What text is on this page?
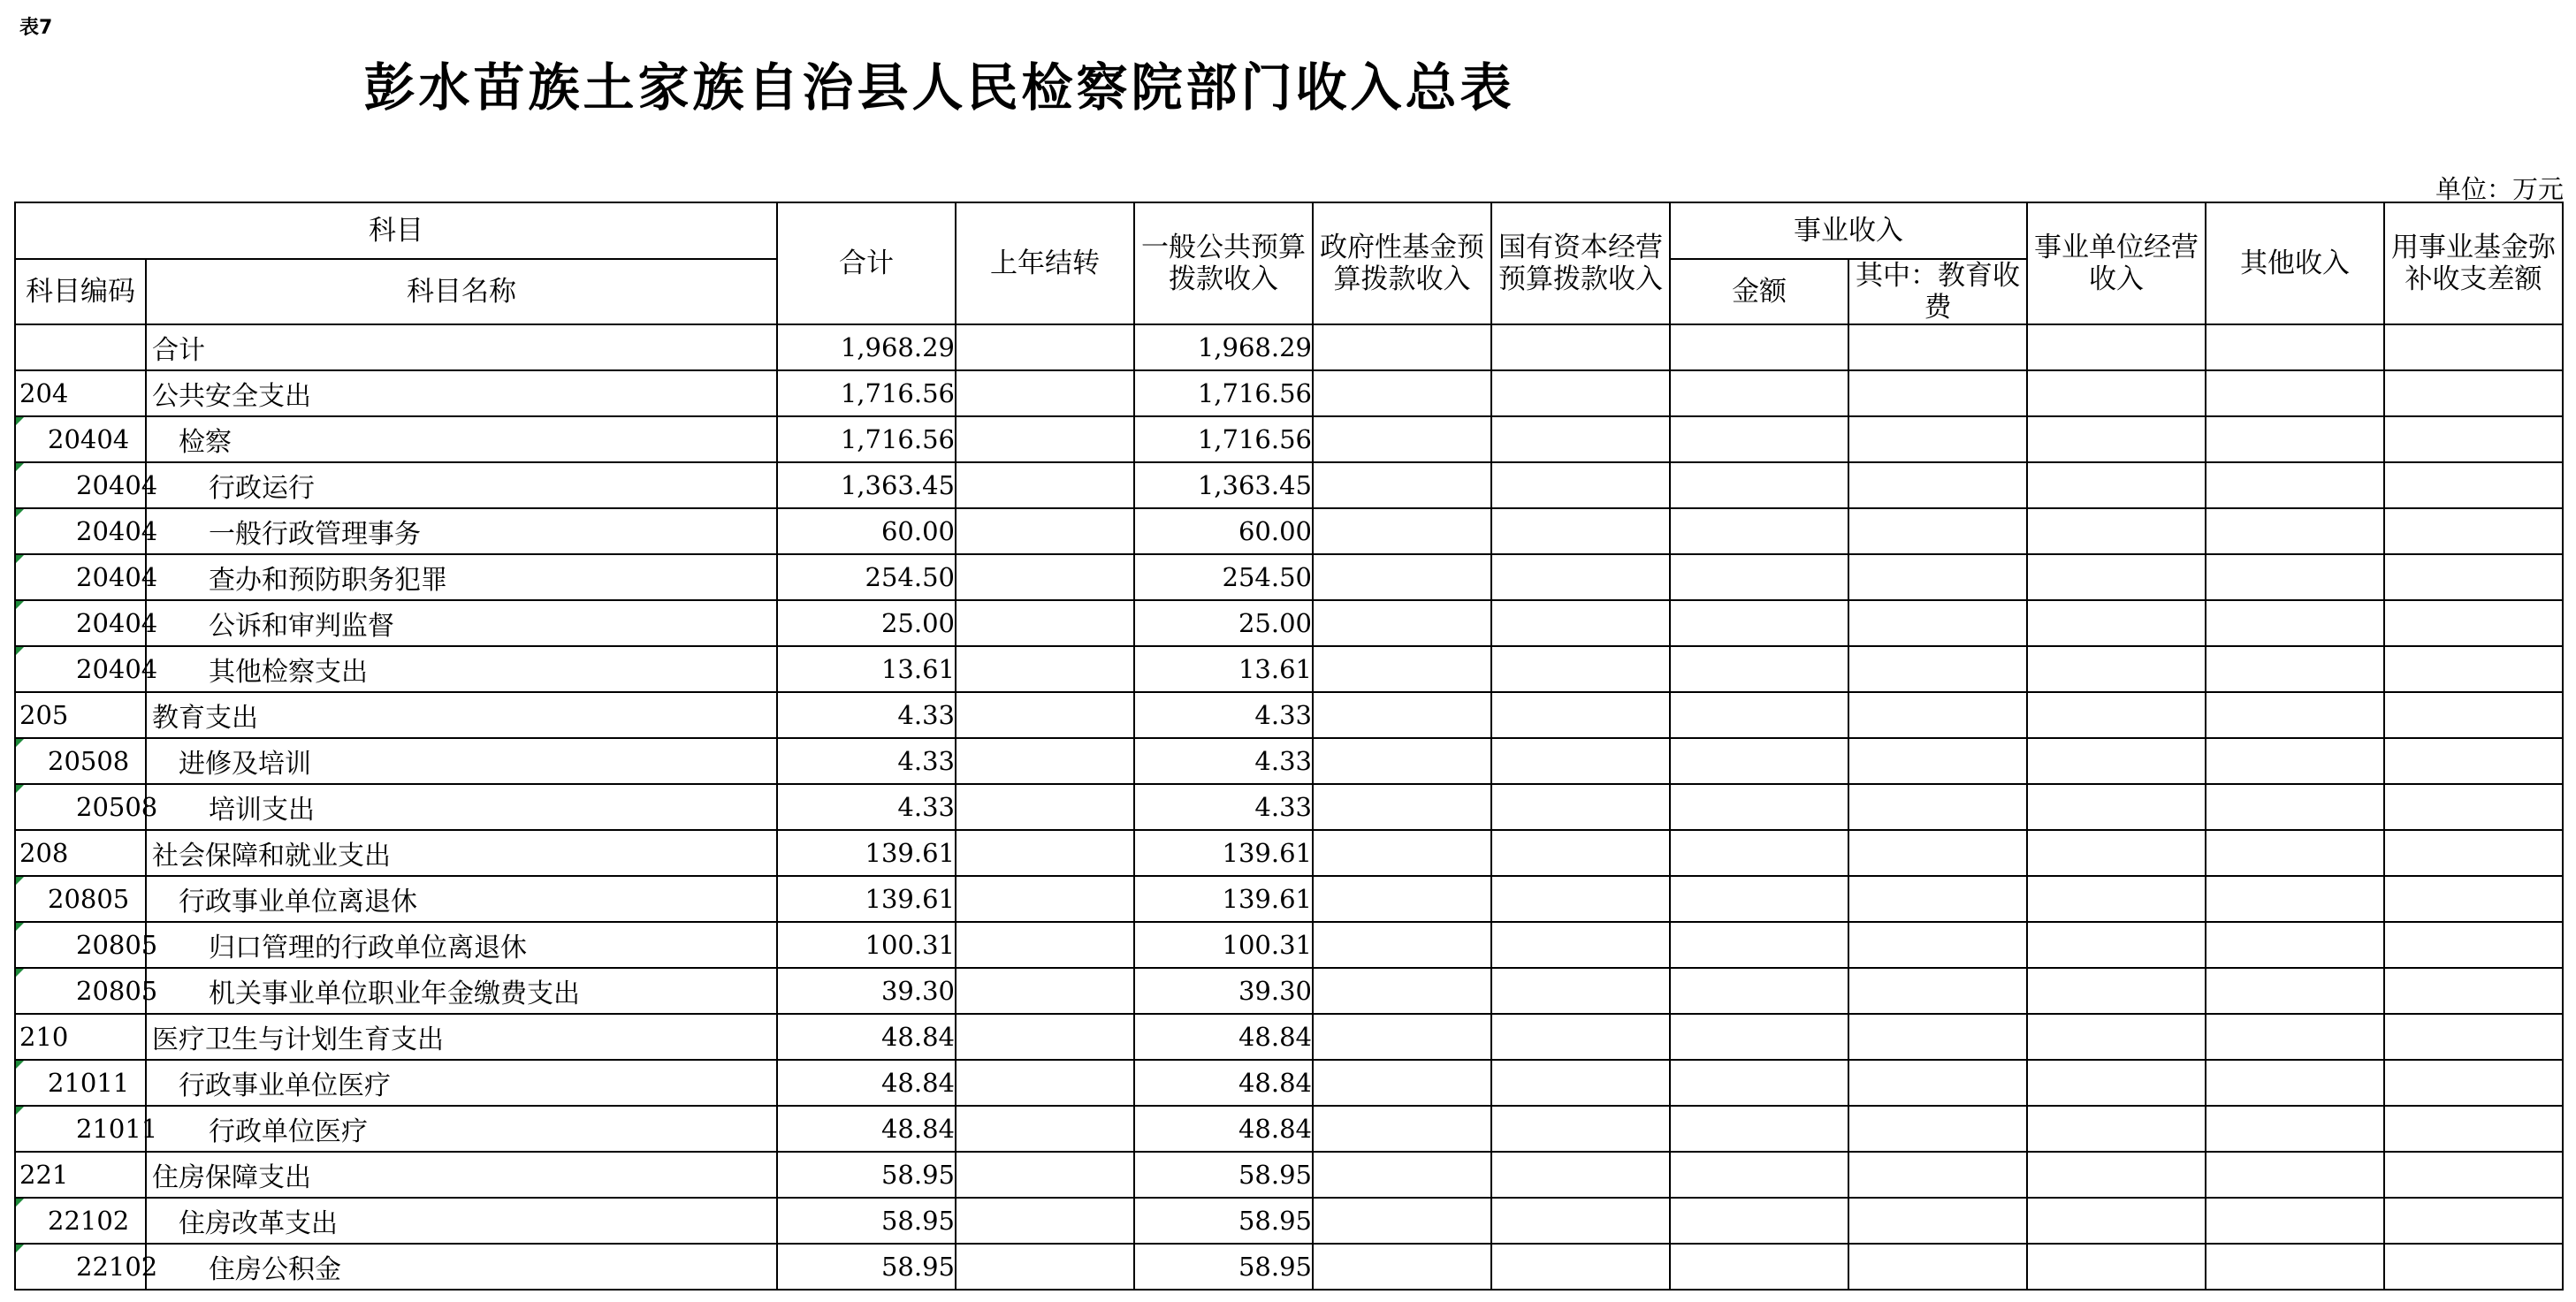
表7
彭水苗族土家族自治县人民检察院部门收入总表
单位：万元
科目		合计	上年结转	一般公共预算拨款收入	政府性基金预算拨款收入	国有资本经营预算拨款收入	事业收入		事业单位经营收入	其他收入	用事业基金弥补收支差额
科目编码	科目名称						金额	其中：教育收费			
	合计	1,968.29		1,968.29							
204	公共安全支出	1,716.56		1,716.56							
20404	检察	1,716.56		1,716.56							
20404	行政运行	1,363.45		1,363.45							
20404	一般行政管理事务	60.00		60.00							
20404	查办和预防职务犯罪	254.50		254.50							
20404	公诉和审判监督	25.00		25.00							
20404	其他检察支出	13.61		13.61							
205	教育支出	4.33		4.33							
20508	进修及培训	4.33		4.33							
20508	培训支出	4.33		4.33							
208	社会保障和就业支出	139.61		139.61							
20805	行政事业单位离退休	139.61		139.61							
20805	归口管理的行政单位离退休	100.31		100.31							
20805	机关事业单位职业年金缴费支出	39.30		39.30							
210	医疗卫生与计划生育支出	48.84		48.84							
21011	行政事业单位医疗	48.84		48.84							
21011	行政单位医疗	48.84		48.84							
221	住房保障支出	58.95		58.95							
22102	住房改革支出	58.95		58.95							
22102	住房公积金	58.95		58.95							
